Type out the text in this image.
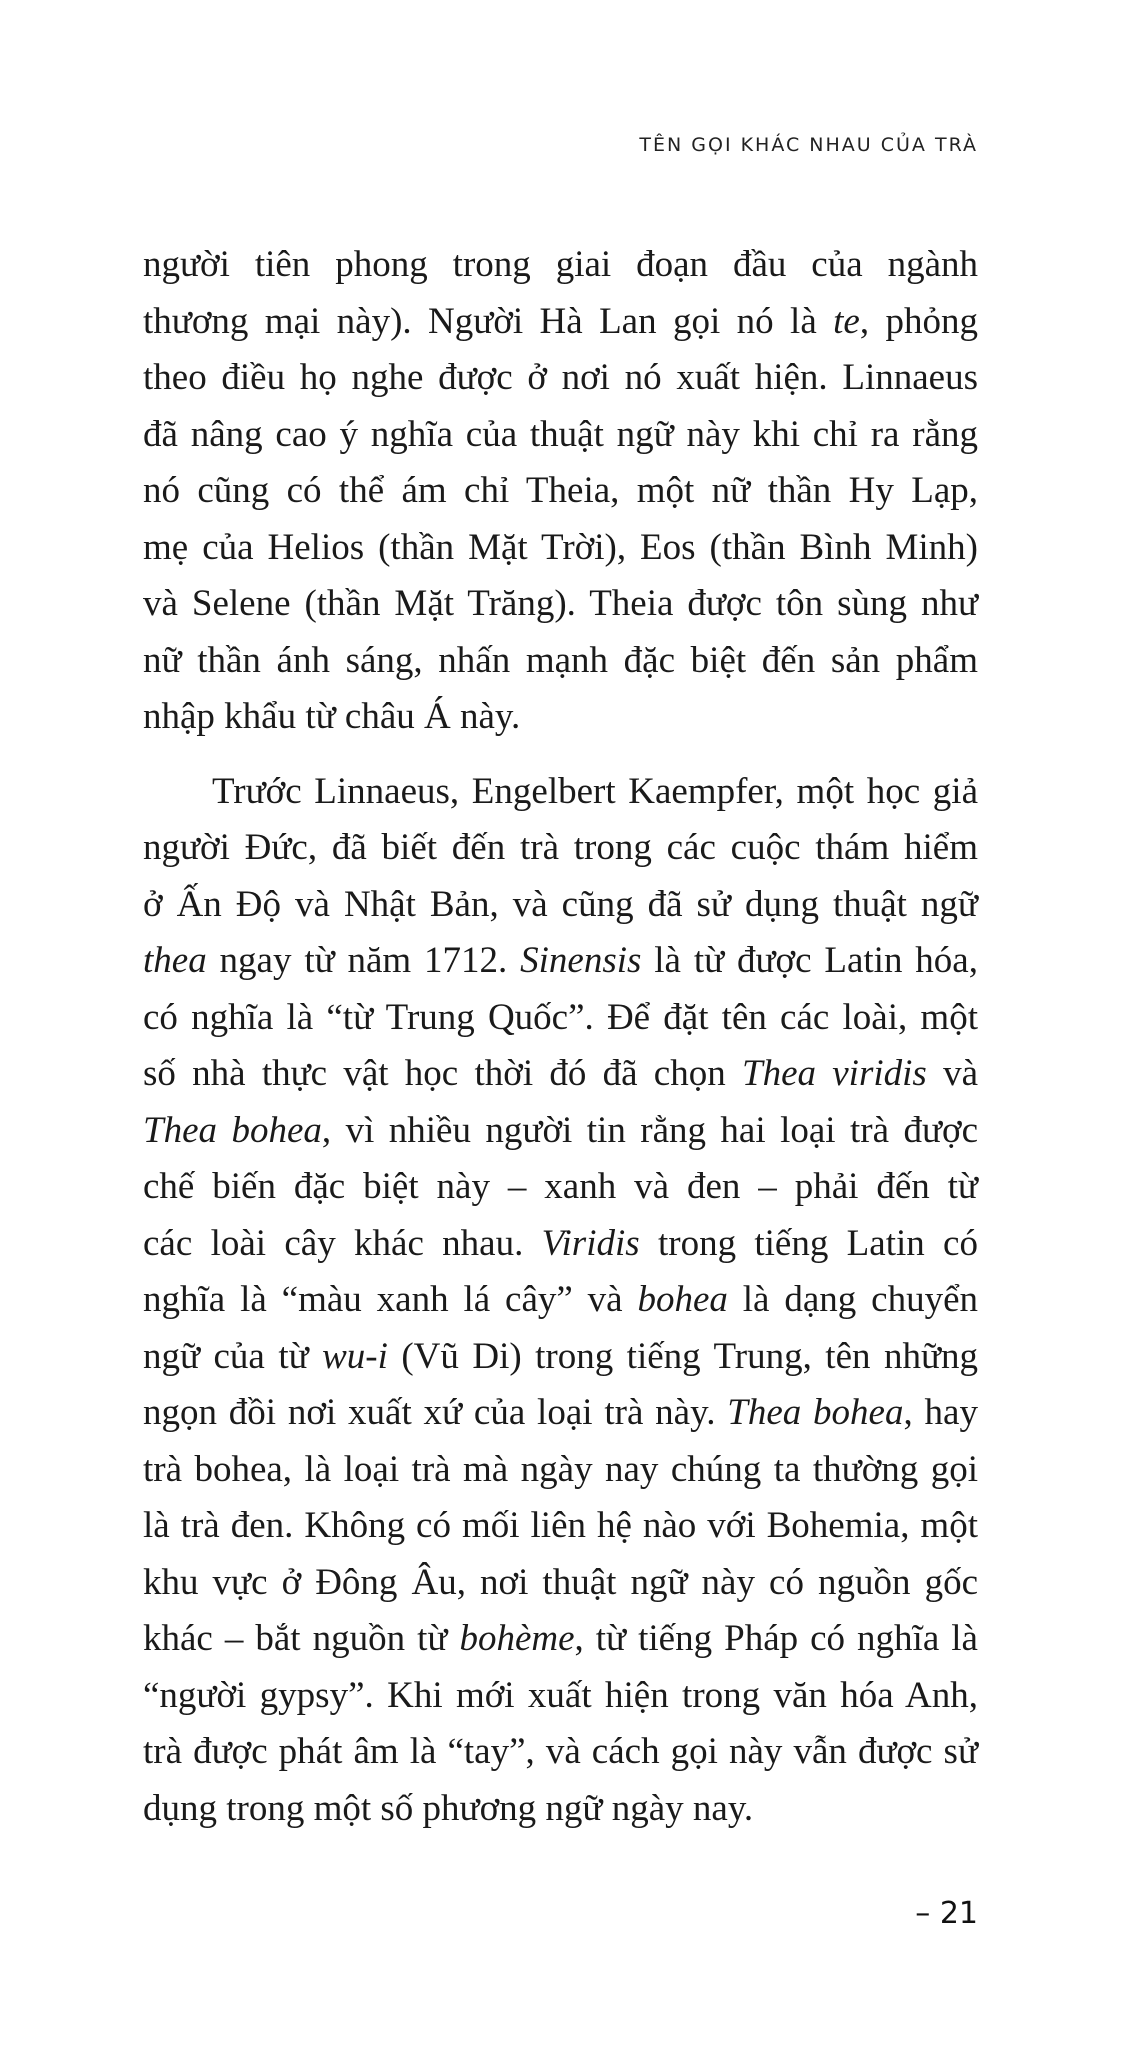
TÊN GỌI KHÁC NHAU CỦA TRÀ
người tiên phong trong giai đoạn đầu của ngành
thương mại này). Người Hà Lan gọi nó là te, phỏng
theo điều họ nghe được ở nơi nó xuất hiện. Linnaeus
đã nâng cao ý nghĩa của thuật ngữ này khi chỉ ra rằng
nó cũng có thể ám chỉ Theia, một nữ thần Hy Lạp,
mẹ của Helios (thần Mặt Trời), Eos (thần Bình Minh)
và Selene (thần Mặt Trăng). Theia được tôn sùng như
nữ thần ánh sáng, nhấn mạnh đặc biệt đến sản phẩm
nhập khẩu từ châu Á này.
Trước Linnaeus, Engelbert Kaempfer, một học giả
người Đức, đã biết đến trà trong các cuộc thám hiểm
ở Ấn Độ và Nhật Bản, và cũng đã sử dụng thuật ngữ
thea ngay từ năm 1712. Sinensis là từ được Latin hóa,
có nghĩa là “từ Trung Quốc”. Để đặt tên các loài, một
số nhà thực vật học thời đó đã chọn Thea viridis và
Thea bohea, vì nhiều người tin rằng hai loại trà được
chế biến đặc biệt này – xanh và đen – phải đến từ
các loài cây khác nhau. Viridis trong tiếng Latin có
nghĩa là “màu xanh lá cây” và bohea là dạng chuyển
ngữ của từ wu-i (Vũ Di) trong tiếng Trung, tên những
ngọn đồi nơi xuất xứ của loại trà này. Thea bohea, hay
trà bohea, là loại trà mà ngày nay chúng ta thường gọi
là trà đen. Không có mối liên hệ nào với Bohemia, một
khu vực ở Đông Âu, nơi thuật ngữ này có nguồn gốc
khác – bắt nguồn từ bohème, từ tiếng Pháp có nghĩa là
“người gypsy”. Khi mới xuất hiện trong văn hóa Anh,
trà được phát âm là “tay”, và cách gọi này vẫn được sử
dụng trong một số phương ngữ ngày nay.
– 21
